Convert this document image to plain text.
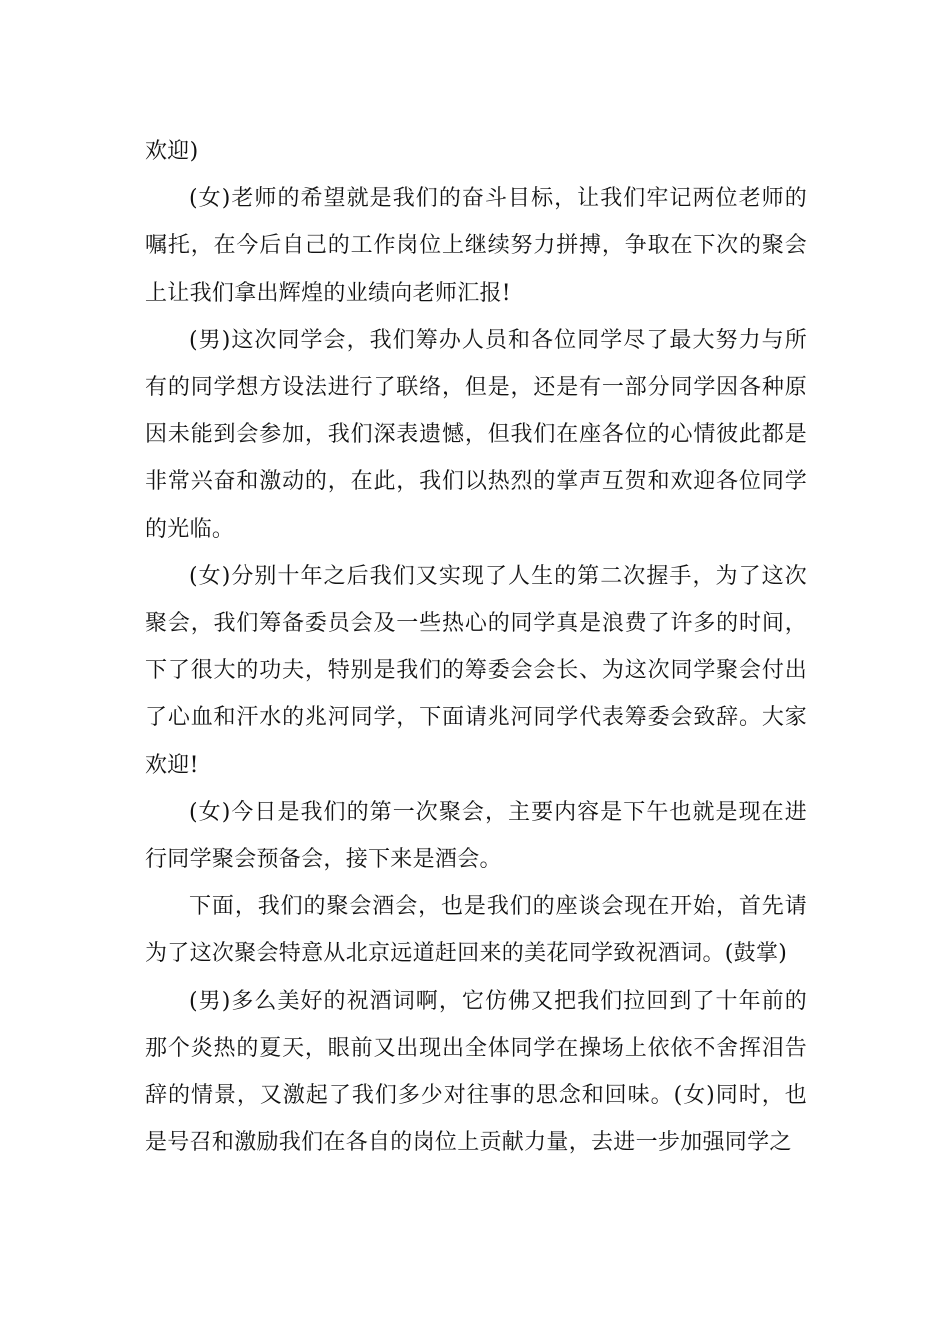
欢迎)

(女)老师的希望就是我们的奋斗目标，让我们牢记两位老师的嘱托，在今后自己的工作岗位上继续努力拼搏，争取在下次的聚会上让我们拿出辉煌的业绩向老师汇报!

(男)这次同学会，我们筹办人员和各位同学尽了最大努力与所有的同学想方设法进行了联络，但是，还是有一部分同学因各种原因未能到会参加，我们深表遗憾，但我们在座各位的心情彼此都是非常兴奋和激动的，在此，我们以热烈的掌声互贺和欢迎各位同学的光临。

(女)分别十年之后我们又实现了人生的第二次握手，为了这次聚会，我们筹备委员会及一些热心的同学真是浪费了许多的时间，下了很大的功夫，特别是我们的筹委会会长、为这次同学聚会付出了心血和汗水的兆河同学，下面请兆河同学代表筹委会致辞。大家欢迎!

(女)今日是我们的第一次聚会，主要内容是下午也就是现在进行同学聚会预备会，接下来是酒会。

下面，我们的聚会酒会，也是我们的座谈会现在开始，首先请为了这次聚会特意从北京远道赶回来的美花同学致祝酒词。(鼓掌)

(男)多么美好的祝酒词啊，它仿佛又把我们拉回到了十年前的那个炎热的夏天，眼前又出现出全体同学在操场上依依不舍挥泪告辞的情景，又激起了我们多少对往事的思念和回味。(女)同时，也是号召和激励我们在各自的岗位上贡献力量，去进一步加强同学之
